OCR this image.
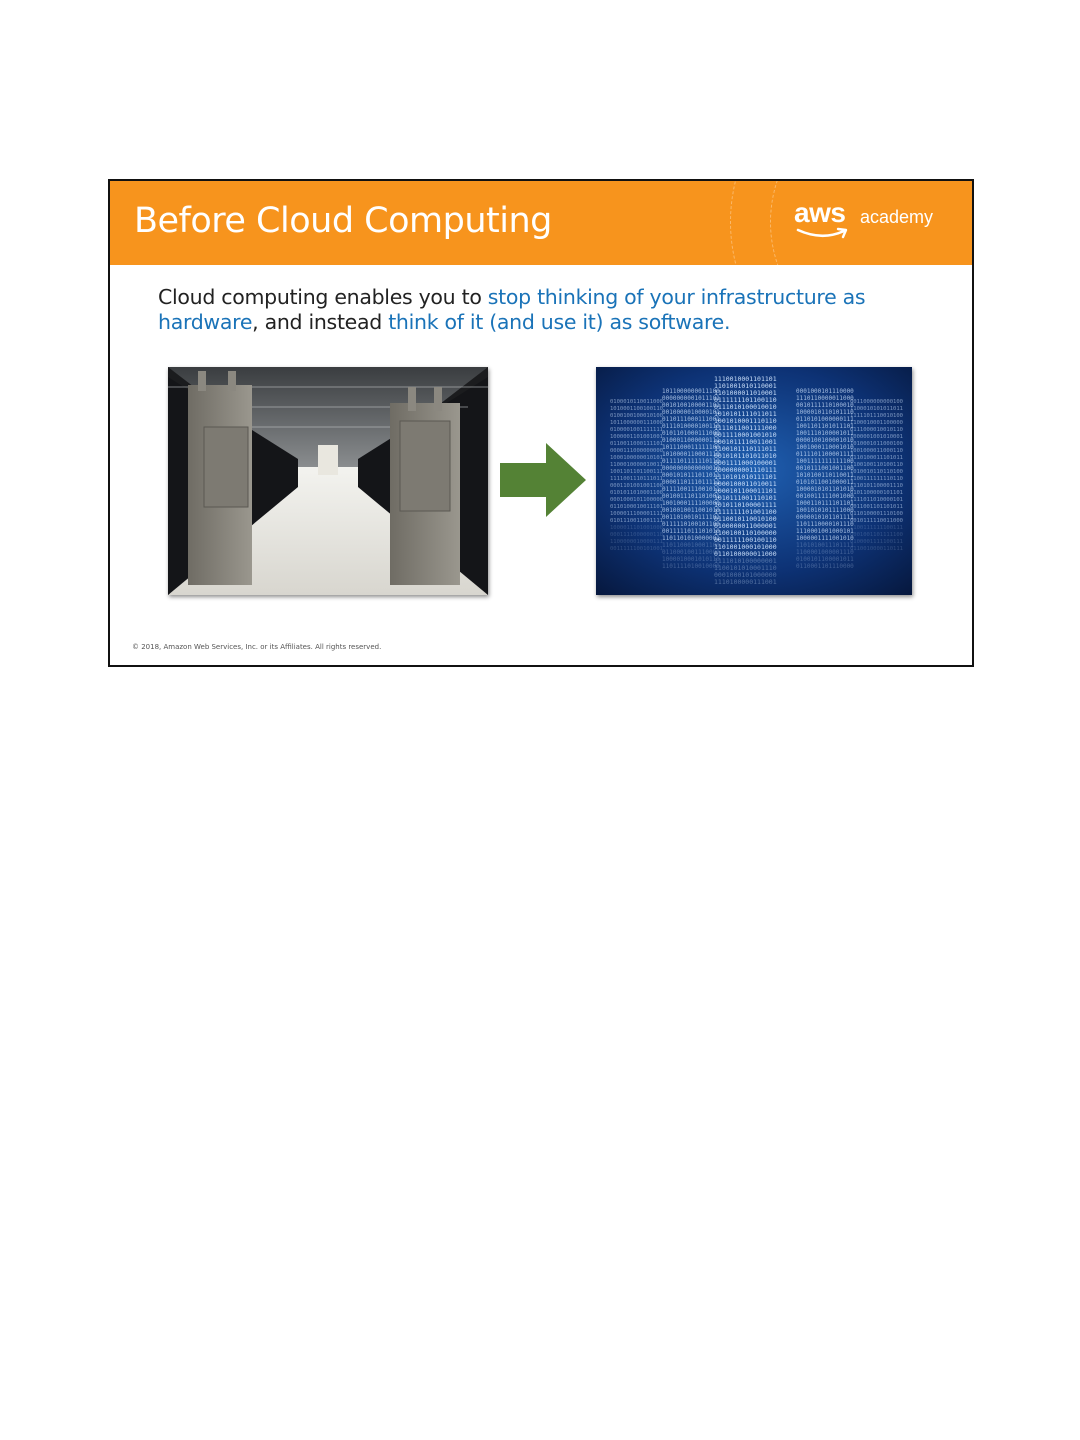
Before Cloud Computing	aws academy
Cloud computing enables you to stop thinking of your infrastructure as hardware, and instead think of it (and use it) as software.
0100010110011000
1010001100100110
0100100100010100
1011000000111000
0100001001111111
1000001101001001
0110011000111101
0000111000000000
1000100000010101
1100010000010011
1001101101100111
1111001110111011
0001101001001100
0101011010001100
0001000101100000
0110100010011101
1000011100001111
0101110011001111
1000011101001000
0001111000000110
1100000010000111
0011111100101001
1011000000011100
0000000001011101
0010100100001101
0010000010000101
0110111000111001
0111010000100110
0101101000111000
0100011000000111
1011100011111100
1010000110001110
0111101111110110
0000000000000010
0001010111011011
0000110111011111
0111100111001011
0010011101101001
1001000111100000
0010010011001010
0011010010111101
0111110100101100
0011111011101010
1101101010000001
1101100010001100
0110001001110000
1000010001010110
1101111010010000
1110010001101101
1101001010110001
1101000011010001
0111111101100110
0111010100010010
1010101111011011
1001010001110110
1111011001111000
0011110001001010
0001011110011001
1100101110111011
0010101101011010
0001111000100001
1000000001110111
1110101010111101
0000100011010011
1000101100011101
1010111001110101
1010110100001111
1111111101001100
0110010110010100
0100000011000001
1100100110100000
0011111100100110
1101001000101000
0110100000011000
1111010100000001
1100101010001110
0001000101000000
1110100000111001
0001000101110000
1110110000011000
0010111110100010
1000010110101110
0110101000000111
1001101101011101
1001110100001011
0000100100001010
1001000110001010
0111101100001111
1001111111111100
0010111001001100
1010100110110011
0101011001000011
1000010101101010
0010011111001000
1000110111101101
1001010101111000
0000010101101111
1101110000101110
1110001001000101
1000001111001010
1101010011101111
1100001000001110
0100101100001011
0110001101110000
0011000000000100
1100010101011011
1111101110010100
1100010001100000
0111000010010110
1000001001010001
1010001011000100
1001000011000110
0110100011101011
1100100110100110
1010010110110100
1100111111110110
1110101100001110
0101100000101101
1111011010000101
0011001101101011
0110100001110100
0010111110011000
1100111111100111
0001001101111100
0100001111100111
0110010000110111
© 2018, Amazon Web Services, Inc. or its Affiliates. All rights reserved.
